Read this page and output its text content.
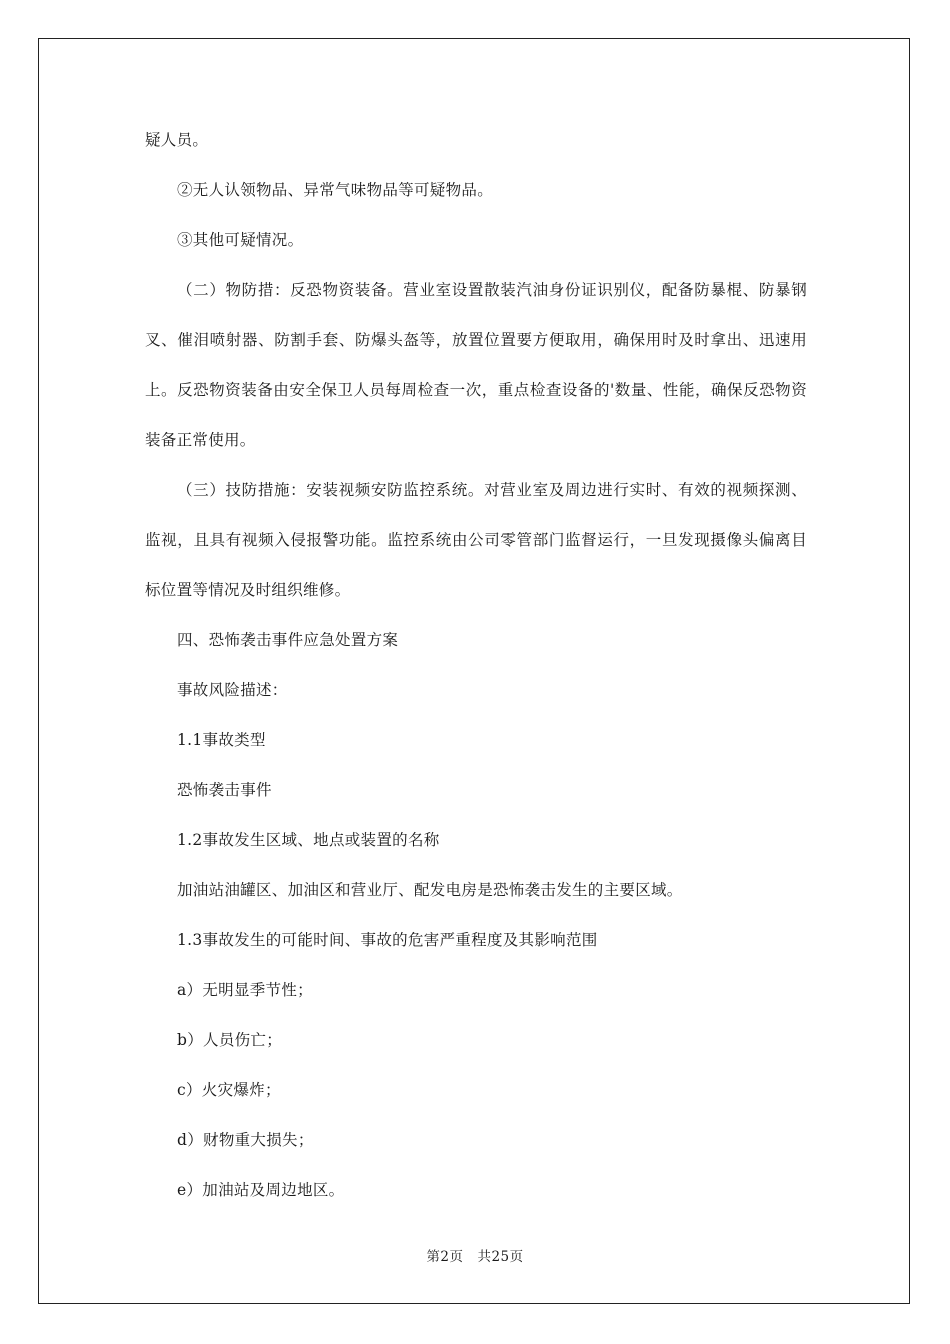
疑人员。

②无人认领物品、异常气味物品等可疑物品。

③其他可疑情况。

（二）物防措：反恐物资装备。营业室设置散装汽油身份证识别仪，配备防暴棍、防暴钢叉、催泪喷射器、防割手套、防爆头盔等，放置位置要方便取用，确保用时及时拿出、迅速用上。反恐物资装备由安全保卫人员每周检查一次，重点检查设备的'数量、性能，确保反恐物资装备正常使用。

（三）技防措施：安装视频安防监控系统。对营业室及周边进行实时、有效的视频探测、监视，且具有视频入侵报警功能。监控系统由公司零管部门监督运行，一旦发现摄像头偏离目标位置等情况及时组织维修。

四、恐怖袭击事件应急处置方案

事故风险描述：

1.1事故类型

恐怖袭击事件

1.2事故发生区域、地点或装置的名称

加油站油罐区、加油区和营业厅、配发电房是恐怖袭击发生的主要区域。

1.3事故发生的可能时间、事故的危害严重程度及其影响范围

a）无明显季节性；

b）人员伤亡；

c）火灾爆炸；

d）财物重大损失；

e）加油站及周边地区。

第2页 共25页
